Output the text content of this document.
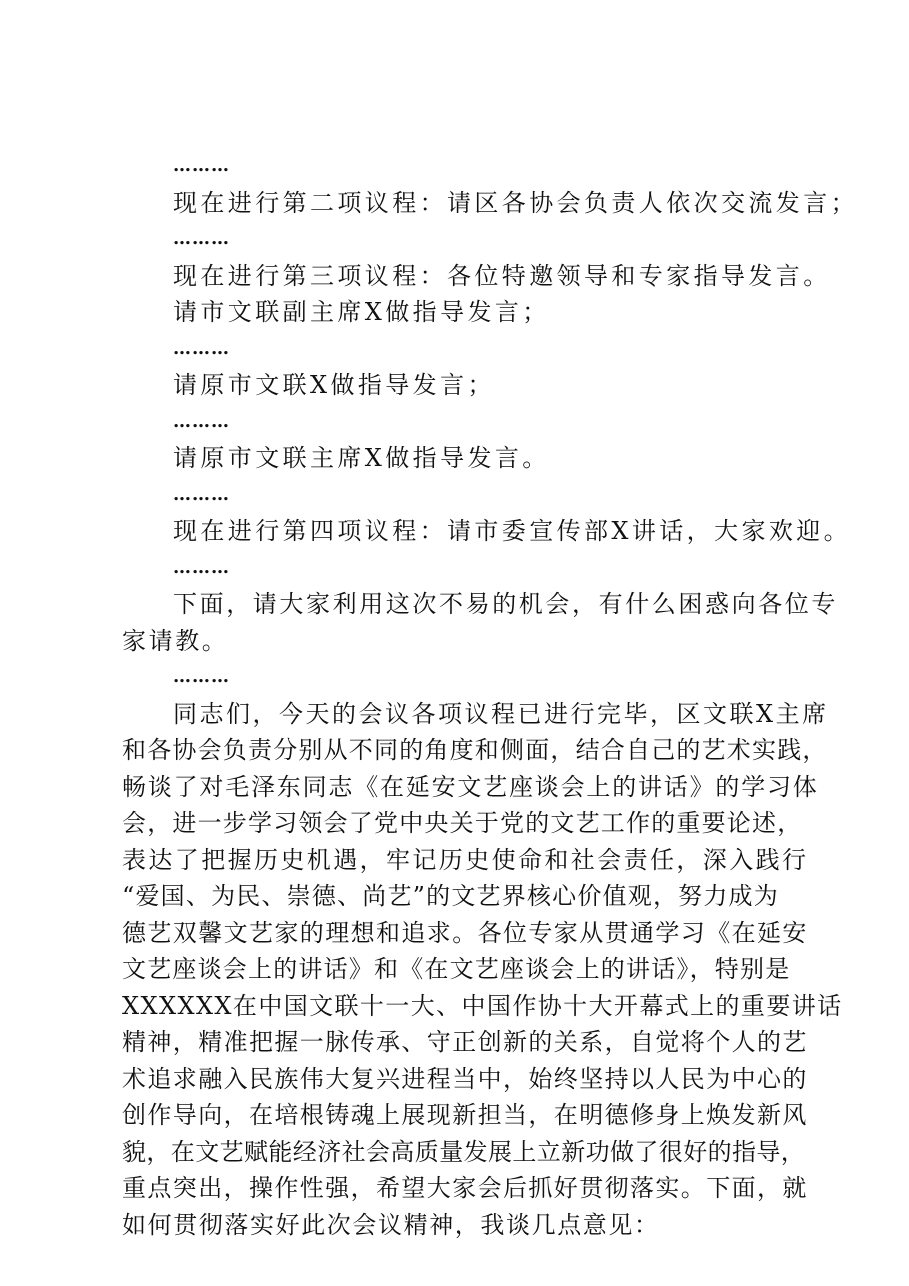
………
现在进行第二项议程：请区各协会负责人依次交流发言；
………
现在进行第三项议程：各位特邀领导和专家指导发言。
请市文联副主席X做指导发言；
………
请原市文联X做指导发言；
………
请原市文联主席X做指导发言。
………
现在进行第四项议程：请市委宣传部X讲话，大家欢迎。
………
下面，请大家利用这次不易的机会，有什么困惑向各位专
家请教。
………
同志们，今天的会议各项议程已进行完毕，区文联X主席
和各协会负责分别从不同的角度和侧面，结合自己的艺术实践，
畅谈了对毛泽东同志《在延安文艺座谈会上的讲话》的学习体
会，进一步学习领会了党中央关于党的文艺工作的重要论述，
表达了把握历史机遇，牢记历史使命和社会责任，深入践行
“爱国、为民、崇德、尚艺”的文艺界核心价值观，努力成为
德艺双馨文艺家的理想和追求。各位专家从贯通学习《在延安
文艺座谈会上的讲话》和《在文艺座谈会上的讲话》，特别是
XXXXXX在中国文联十一大、中国作协十大开幕式上的重要讲话
精神，精准把握一脉传承、守正创新的关系，自觉将个人的艺
术追求融入民族伟大复兴进程当中，始终坚持以人民为中心的
创作导向，在培根铸魂上展现新担当，在明德修身上焕发新风
貌，在文艺赋能经济社会高质量发展上立新功做了很好的指导，
重点突出，操作性强，希望大家会后抓好贯彻落实。下面，就
如何贯彻落实好此次会议精神，我谈几点意见：
